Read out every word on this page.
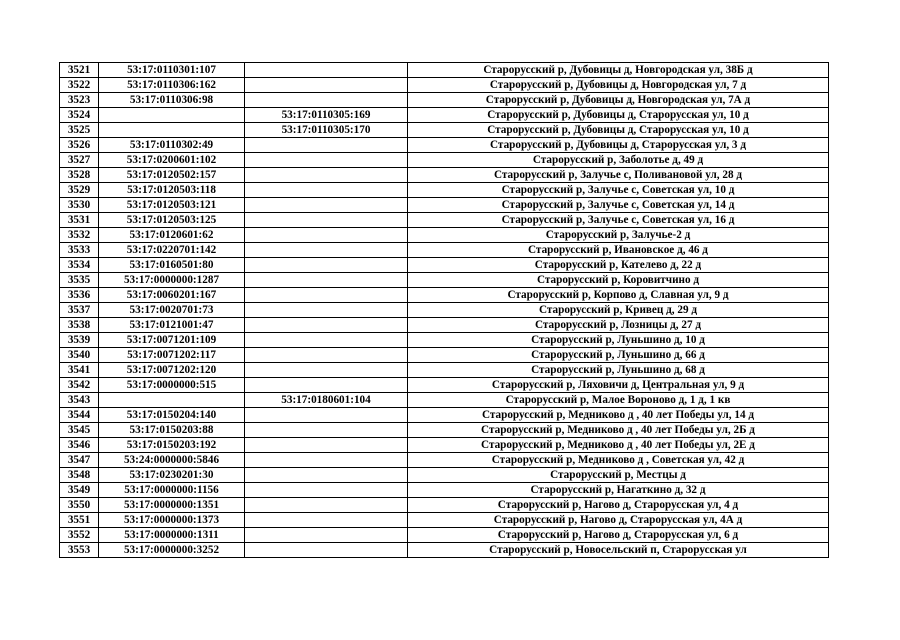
3521	53:17:0110301:107		Старорусский р, Дубовицы д, Новгородская ул, 38Б д
3522	53:17:0110306:162		Старорусский р, Дубовицы д, Новгородская ул, 7 д
3523	53:17:0110306:98		Старорусский р, Дубовицы д, Новгородская ул, 7А д
3524		53:17:0110305:169	Старорусский р, Дубовицы д, Старорусская ул, 10 д
3525		53:17:0110305:170	Старорусский р, Дубовицы д, Старорусская ул, 10 д
3526	53:17:0110302:49		Старорусский р, Дубовицы д, Старорусская ул, 3 д
3527	53:17:0200601:102		Старорусский р, Заболотье д, 49 д
3528	53:17:0120502:157		Старорусский р, Залучье с, Поливановой ул, 28 д
3529	53:17:0120503:118		Старорусский р, Залучье с, Советская ул, 10 д
3530	53:17:0120503:121		Старорусский р, Залучье с, Советская ул, 14 д
3531	53:17:0120503:125		Старорусский р, Залучье с, Советская ул, 16 д
3532	53:17:0120601:62		Старорусский р, Залучье-2 д
3533	53:17:0220701:142		Старорусский р, Ивановское д, 46 д
3534	53:17:0160501:80		Старорусский р, Кателево д, 22 д
3535	53:17:0000000:1287		Старорусский р, Коровитчино д
3536	53:17:0060201:167		Старорусский р, Корпово д, Славная ул, 9 д
3537	53:17:0020701:73		Старорусский р, Кривец д, 29 д
3538	53:17:0121001:47		Старорусский р, Лозницы д, 27 д
3539	53:17:0071201:109		Старорусский р, Луньшино д, 10 д
3540	53:17:0071202:117		Старорусский р, Луньшино д, 66 д
3541	53:17:0071202:120		Старорусский р, Луньшино д, 68 д
3542	53:17:0000000:515		Старорусский р, Ляховичи д, Центральная ул, 9 д
3543		53:17:0180601:104	Старорусский р, Малое Вороново д, 1 д, 1 кв
3544	53:17:0150204:140		Старорусский р, Медниково д , 40 лет Победы ул, 14 д
3545	53:17:0150203:88		Старорусский р, Медниково д , 40 лет Победы ул, 2Б д
3546	53:17:0150203:192		Старорусский р, Медниково д , 40 лет Победы ул, 2Е д
3547	53:24:0000000:5846		Старорусский р, Медниково д , Советская ул, 42 д
3548	53:17:0230201:30		Старорусский р, Местцы д
3549	53:17:0000000:1156		Старорусский р, Нагаткино д, 32 д
3550	53:17:0000000:1351		Старорусский р, Нагово д, Старорусская ул, 4 д
3551	53:17:0000000:1373		Старорусский р, Нагово д, Старорусская ул, 4А д
3552	53:17:0000000:1311		Старорусский р, Нагово д, Старорусская ул, 6 д
3553	53:17:0000000:3252		Старорусский р, Новосельский п, Старорусская ул
